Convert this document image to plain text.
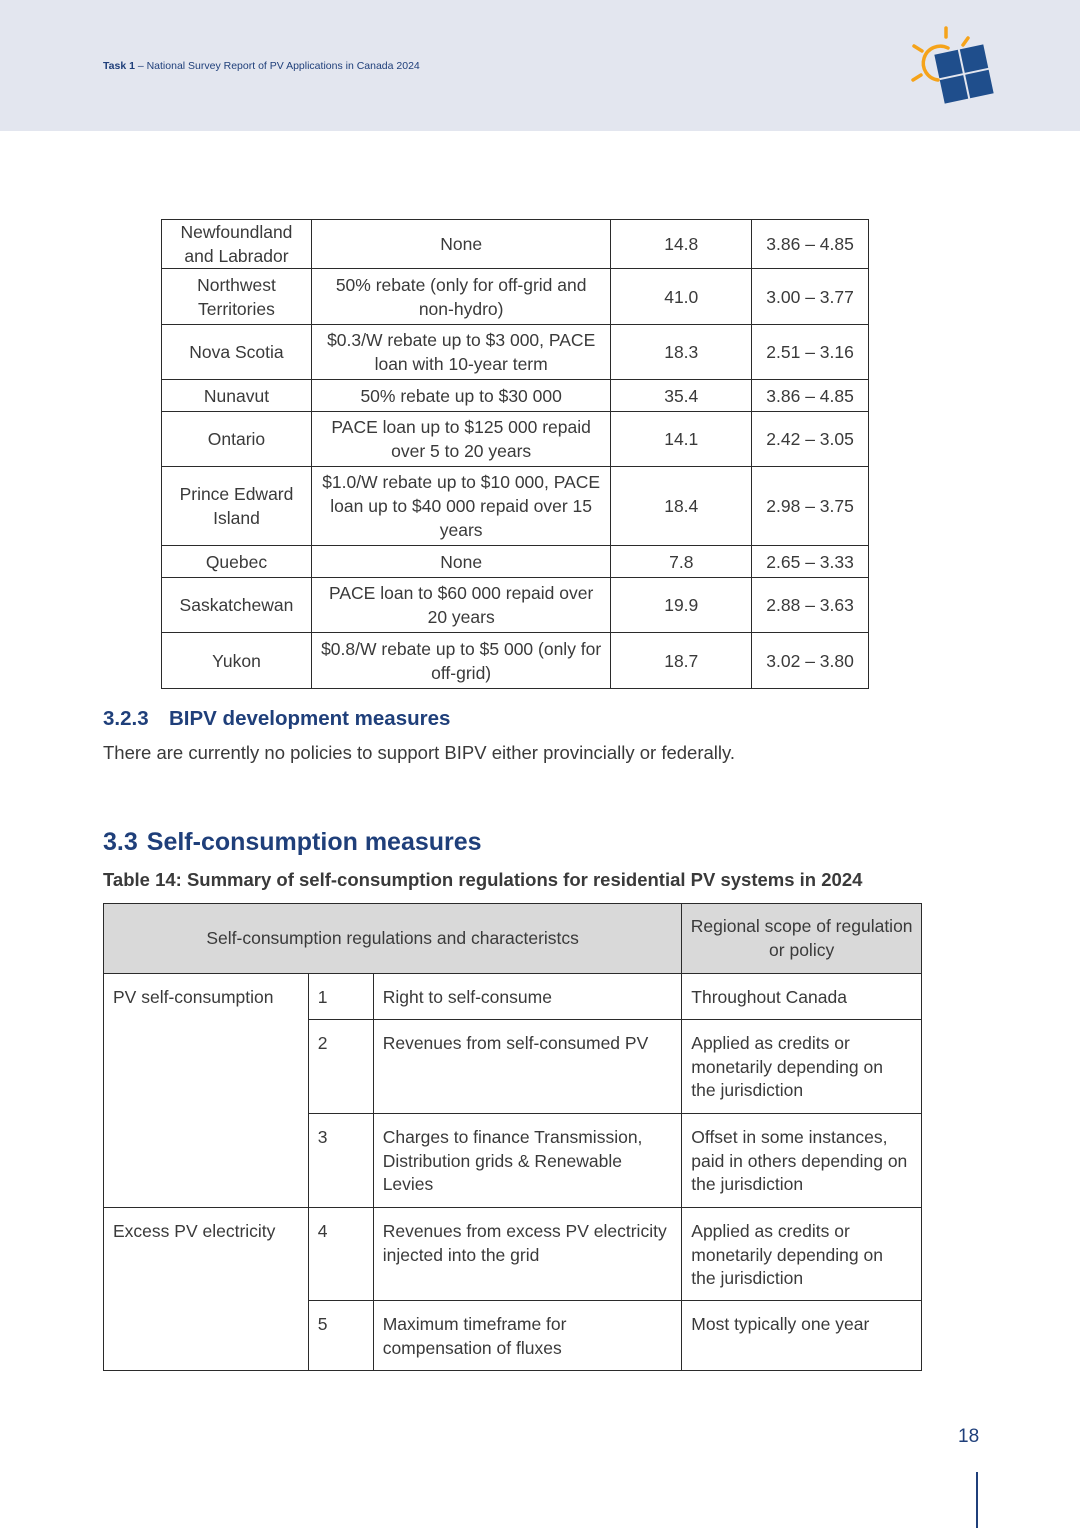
Task 1 – National Survey Report of PV Applications in Canada 2024
Newfoundland and Labrador	None	14.8	3.86 – 4.85
Northwest Territories	50% rebate (only for off-grid and non-hydro)	41.0	3.00 – 3.77
Nova Scotia	$0.3/W rebate up to $3 000, PACE loan with 10-year term	18.3	2.51 – 3.16
Nunavut	50% rebate up to $30 000	35.4	3.86 – 4.85
Ontario	PACE loan up to $125 000 repaid over 5 to 20 years	14.1	2.42 – 3.05
Prince Edward Island	$1.0/W rebate up to $10 000, PACE loan up to $40 000 repaid over 15 years	18.4	2.98 – 3.75
Quebec	None	7.8	2.65 – 3.33
Saskatchewan	PACE loan to $60 000 repaid over 20 years	19.9	2.88 – 3.63
Yukon	$0.8/W rebate up to $5 000 (only for off-grid)	18.7	3.02 – 3.80
3.2.3 BIPV development measures
There are currently no policies to support BIPV either provincially or federally.
3.3 Self-consumption measures
Table 14: Summary of self-consumption regulations for residential PV systems in 2024
Self-consumption regulations and characteristcs			Regional scope of regulation or policy
PV self-consumption	1	Right to self-consume	Throughout Canada
	2	Revenues from self-consumed PV	Applied as credits or monetarily depending on the jurisdiction
	3	Charges to finance Transmission, Distribution grids & Renewable Levies	Offset in some instances, paid in others depending on the jurisdiction
Excess PV electricity	4	Revenues from excess PV electricity injected into the grid	Applied as credits or monetarily depending on the jurisdiction
	5	Maximum timeframe for compensation of fluxes	Most typically one year
18
